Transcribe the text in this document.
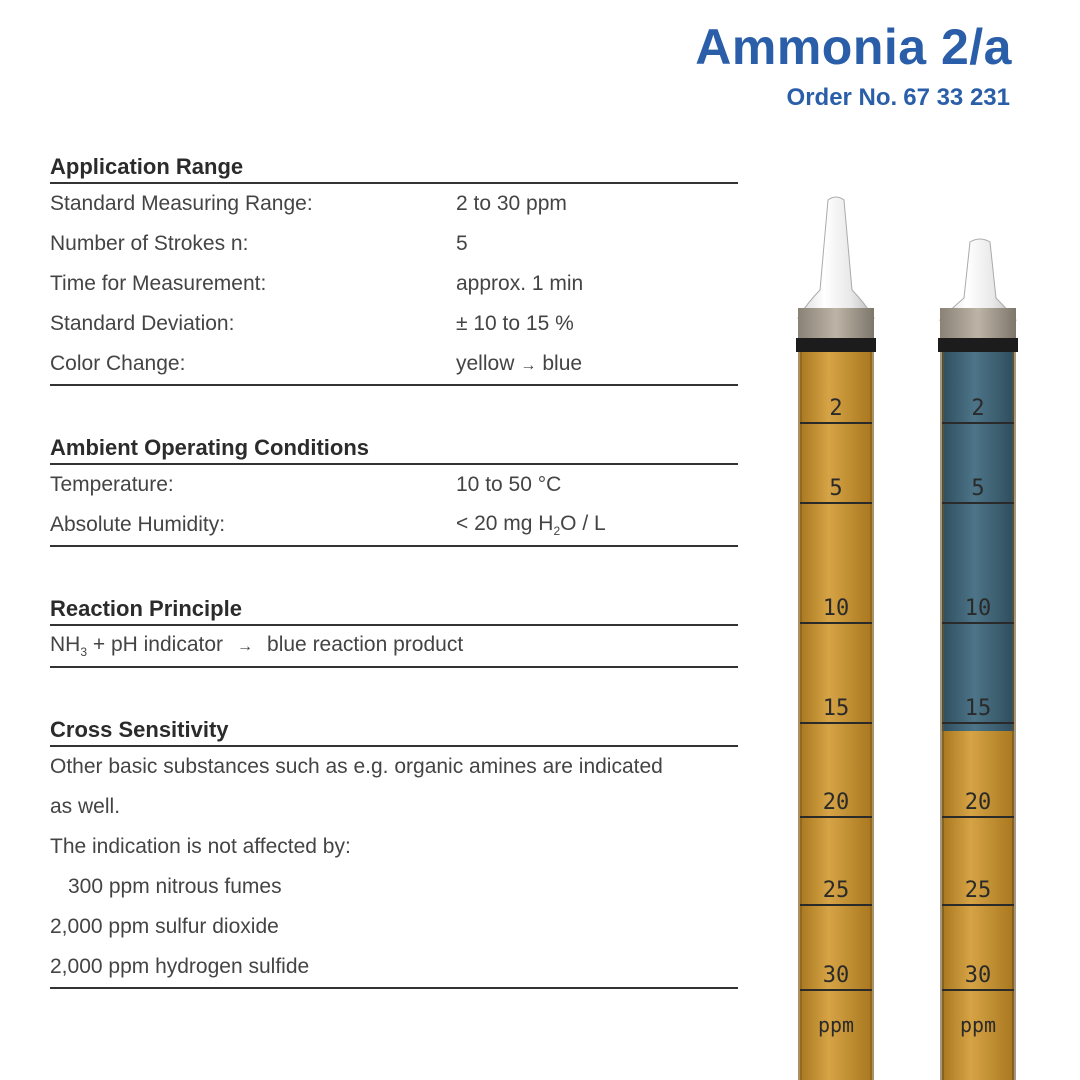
Ammonia 2/a
Order No. 67 33 231
Application Range
Standard Measuring Range:	2 to 30 ppm
Number of Strokes n:	5
Time for Measurement:	approx. 1 min
Standard Deviation:	± 10 to 15 %
Color Change:	yellow → blue
Ambient Operating Conditions
Temperature:	10 to 50 °C
Absolute Humidity:	< 20 mg $H_2O$ / L
Reaction Principle
$NH_3$ + pH indicator → blue reaction product
Cross Sensitivity
Other basic substances such as e.g. organic amines are indicated
as well.
The indication is not affected by:
300 ppm nitrous fumes
2,000 ppm sulfur dioxide
2,000 ppm hydrogen sulfide
2
5
10
15
20
25
30
ppm
2
5
10
15
20
25
30
ppm
